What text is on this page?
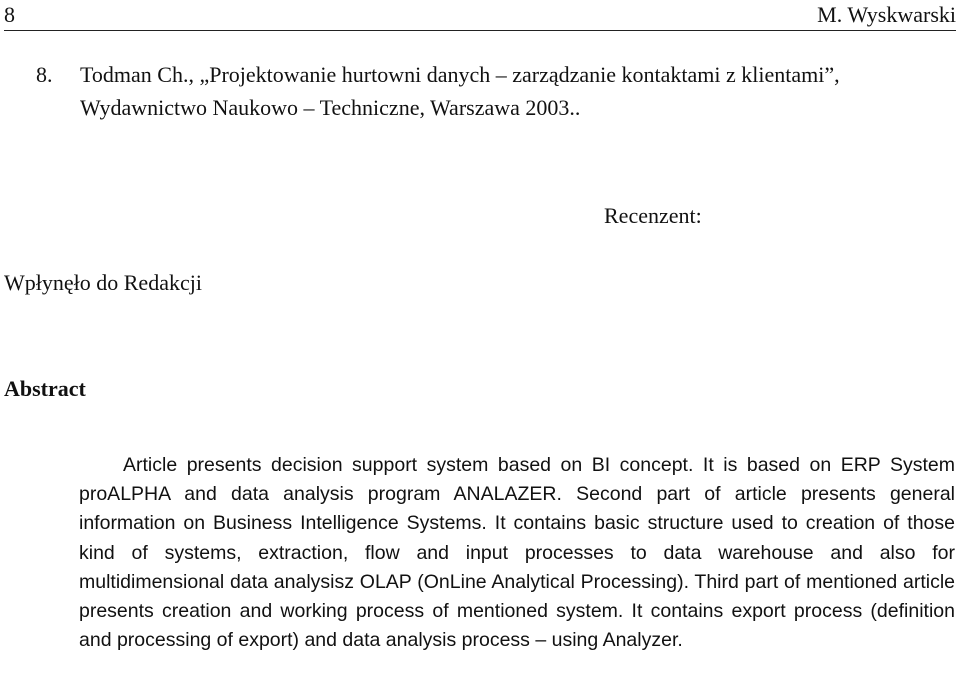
8	M. Wyskwarski
8. Todman Ch., „Projektowanie hurtowni danych – zarządzanie kontaktami z klientami”,
Wydawnictwo Naukowo – Techniczne, Warszawa 2003..
Recenzent:
Wpłynęło do Redakcji
Abstract

Article presents decision support system based on BI concept. It is based on ERP System proALPHA and data analysis program ANALAZER. Second part of article presents general information on Business Intelligence Systems. It contains basic structure used to creation of those kind of systems, extraction, flow and input processes to data warehouse and also for multidimensional data analysisz OLAP (OnLine Analytical Processing). Third part of mentioned article presents creation and working process of mentioned system. It contains export process (definition and processing of export) and data analysis process – using Analyzer.
